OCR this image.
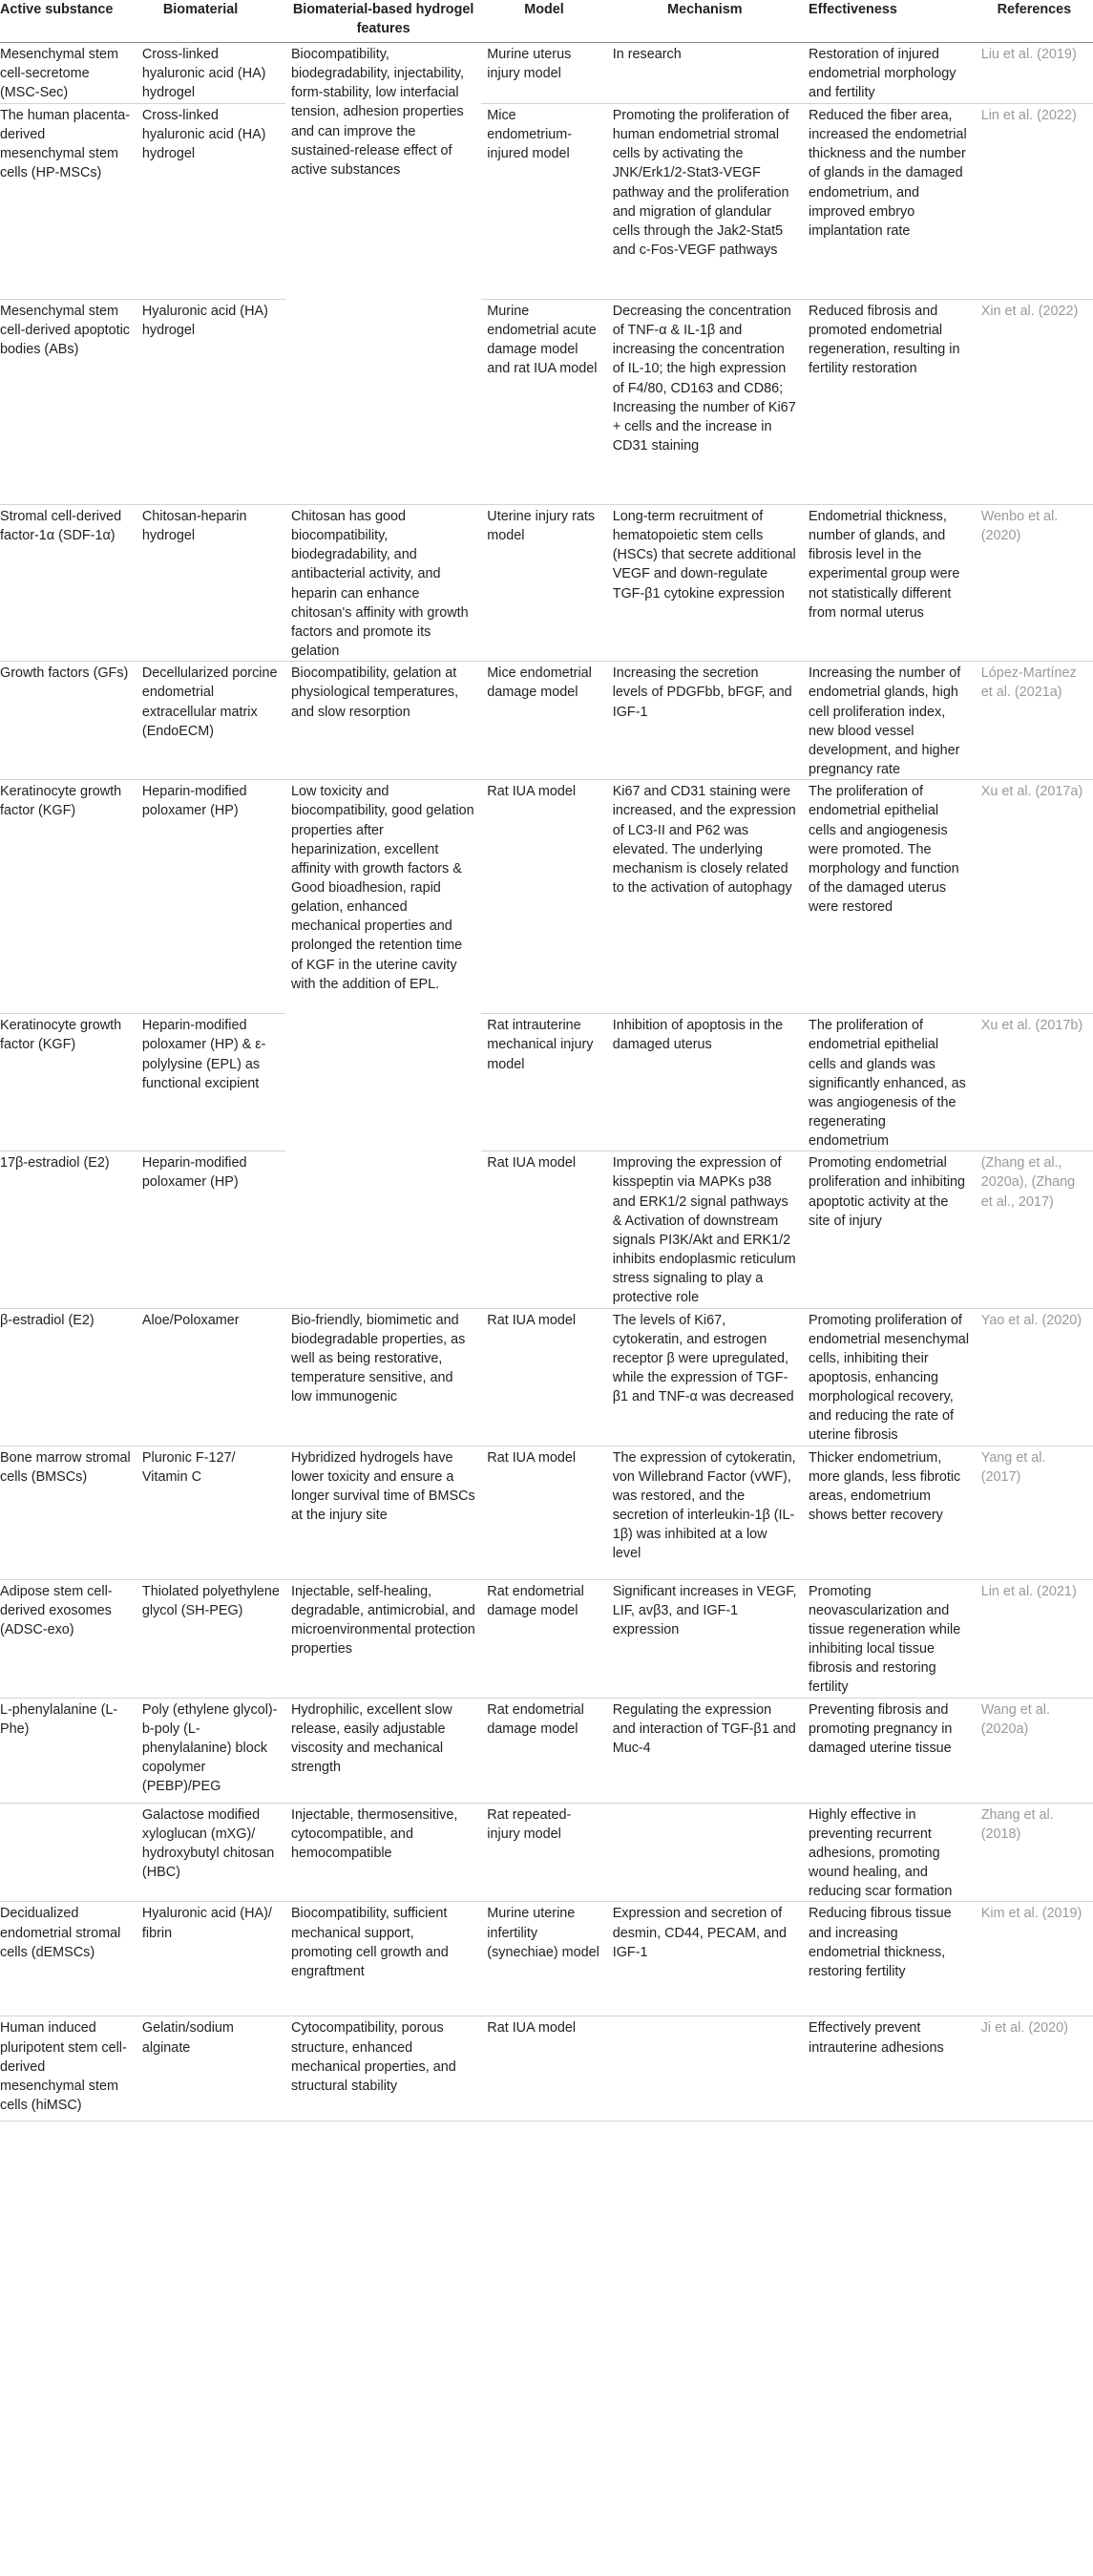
Active substance	Biomaterial	Biomaterial-based hydrogel features	Model	Mechanism	Effectiveness	References
Mesenchymal stem cell-secretome (MSC-Sec)	Cross-linked hyaluronic acid (HA) hydrogel	Biocompatibility, biodegradability, injectability, form-stability, low interfacial tension, adhesion properties and can improve the sustained-release effect of active substances	Murine uterus injury model	In research	Restoration of injured endometrial morphology and fertility	Liu et al. (2019)
The human placenta-derived mesenchymal stem cells (HP-MSCs)	Cross-linked hyaluronic acid (HA) hydrogel		Mice endometrium-injured model	Promoting the proliferation of human endometrial stromal cells by activating the JNK/Erk1/2-Stat3-VEGF pathway and the proliferation and migration of glandular cells through the Jak2-Stat5 and c-Fos-VEGF pathways	Reduced the fiber area, increased the endometrial thickness and the number of glands in the damaged endometrium, and improved embryo implantation rate	Lin et al. (2022)
Mesenchymal stem cell-derived apoptotic bodies (ABs)	Hyaluronic acid (HA) hydrogel		Murine endometrial acute damage model and rat IUA model	Decreasing the concentration of TNF-α & IL-1β and increasing the concentration of IL-10; the high expression of F4/80, CD163 and CD86; Increasing the number of Ki67 + cells and the increase in CD31 staining	Reduced fibrosis and promoted endometrial regeneration, resulting in fertility restoration	Xin et al. (2022)
Stromal cell-derived factor-1α (SDF-1α)	Chitosan-heparin hydrogel	Chitosan has good biocompatibility, biodegradability, and antibacterial activity, and heparin can enhance chitosan's affinity with growth factors and promote its gelation	Uterine injury rats model	Long-term recruitment of hematopoietic stem cells (HSCs) that secrete additional VEGF and down-regulate TGF-β1 cytokine expression	Endometrial thickness, number of glands, and fibrosis level in the experimental group were not statistically different from normal uterus	Wenbo et al. (2020)
Growth factors (GFs)	Decellularized porcine endometrial extracellular matrix (EndoECM)	Biocompatibility, gelation at physiological temperatures, and slow resorption	Mice endometrial damage model	Increasing the secretion levels of PDGFbb, bFGF, and IGF-1	Increasing the number of endometrial glands, high cell proliferation index, new blood vessel development, and higher pregnancy rate	López-Martínez et al. (2021a)
Keratinocyte growth factor (KGF)	Heparin-modified poloxamer (HP)	Low toxicity and biocompatibility, good gelation properties after heparinization, excellent affinity with growth factors & Good bioadhesion, rapid gelation, enhanced mechanical properties and prolonged the retention time of KGF in the uterine cavity with the addition of EPL.	Rat IUA model	Ki67 and CD31 staining were increased, and the expression of LC3-II and P62 was elevated. The underlying mechanism is closely related to the activation of autophagy	The proliferation of endometrial epithelial cells and angiogenesis were promoted. The morphology and function of the damaged uterus were restored	Xu et al. (2017a)
Keratinocyte growth factor (KGF)	Heparin-modified poloxamer (HP) & ε-polylysine (EPL) as functional excipient		Rat intrauterine mechanical injury model	Inhibition of apoptosis in the damaged uterus	The proliferation of endometrial epithelial cells and glands was significantly enhanced, as was angiogenesis of the regenerating endometrium	Xu et al. (2017b)
17β-estradiol (E2)	Heparin-modified poloxamer (HP)		Rat IUA model	Improving the expression of kisspeptin via MAPKs p38 and ERK1/2 signal pathways & Activation of downstream signals PI3K/Akt and ERK1/2 inhibits endoplasmic reticulum stress signaling to play a protective role	Promoting endometrial proliferation and inhibiting apoptotic activity at the site of injury	(Zhang et al., 2020a), (Zhang et al., 2017)
β-estradiol (E2)	Aloe/Poloxamer	Bio-friendly, biomimetic and biodegradable properties, as well as being restorative, temperature sensitive, and low immunogenic	Rat IUA model	The levels of Ki67, cytokeratin, and estrogen receptor β were upregulated, while the expression of TGF-β1 and TNF-α was decreased	Promoting proliferation of endometrial mesenchymal cells, inhibiting their apoptosis, enhancing morphological recovery, and reducing the rate of uterine fibrosis	Yao et al. (2020)
Bone marrow stromal cells (BMSCs)	Pluronic F-127/ Vitamin C	Hybridized hydrogels have lower toxicity and ensure a longer survival time of BMSCs at the injury site	Rat IUA model	The expression of cytokeratin, von Willebrand Factor (vWF), was restored, and the secretion of interleukin-1β (IL-1β) was inhibited at a low level	Thicker endometrium, more glands, less fibrotic areas, endometrium shows better recovery	Yang et al. (2017)
Adipose stem cell-derived exosomes (ADSC-exo)	Thiolated polyethylene glycol (SH-PEG)	Injectable, self-healing, degradable, antimicrobial, and microenvironmental protection properties	Rat endometrial damage model	Significant increases in VEGF, LIF, avβ3, and IGF-1 expression	Promoting neovascularization and tissue regeneration while inhibiting local tissue fibrosis and restoring fertility	Lin et al. (2021)
L-phenylalanine (L-Phe)	Poly (ethylene glycol)-b-poly (L-phenylalanine) block copolymer (PEBP)/PEG	Hydrophilic, excellent slow release, easily adjustable viscosity and mechanical strength	Rat endometrial damage model	Regulating the expression and interaction of TGF-β1 and Muc-4	Preventing fibrosis and promoting pregnancy in damaged uterine tissue	Wang et al. (2020a)
	Galactose modified xyloglucan (mXG)/ hydroxybutyl chitosan (HBC)	Injectable, thermosensitive, cytocompatible, and hemocompatible	Rat repeated-injury model		Highly effective in preventing recurrent adhesions, promoting wound healing, and reducing scar formation	Zhang et al. (2018)
Decidualized endometrial stromal cells (dEMSCs)	Hyaluronic acid (HA)/ fibrin	Biocompatibility, sufficient mechanical support, promoting cell growth and engraftment	Murine uterine infertility (synechiae) model	Expression and secretion of desmin, CD44, PECAM, and IGF-1	Reducing fibrous tissue and increasing endometrial thickness, restoring fertility	Kim et al. (2019)
Human induced pluripotent stem cell-derived mesenchymal stem cells (hiMSC)	Gelatin/sodium alginate	Cytocompatibility, porous structure, enhanced mechanical properties, and structural stability	Rat IUA model		Effectively prevent intrauterine adhesions	Ji et al. (2020)
